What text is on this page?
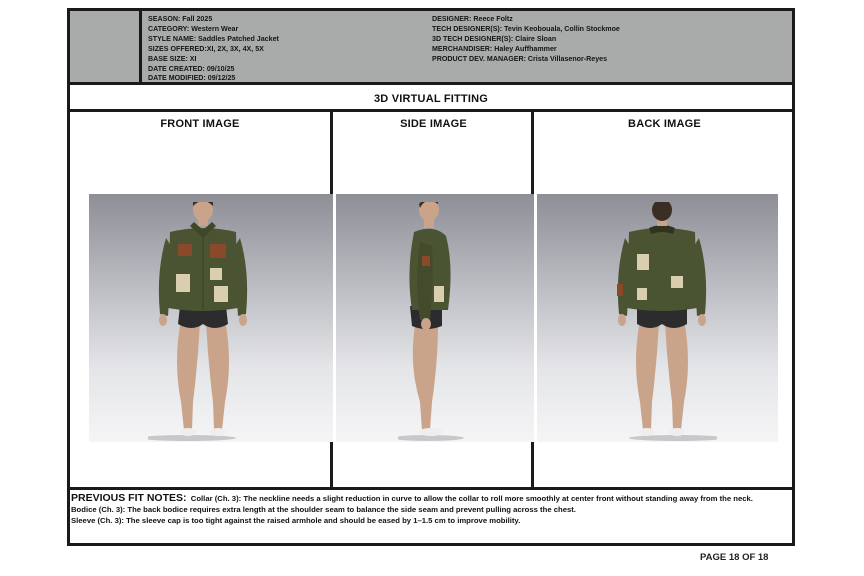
SEASON: Fall 2025
CATEGORY: Western Wear
STYLE NAME: Saddles Patched Jacket
SIZES OFFERED:XI, 2X, 3X, 4X, 5X
BASE SIZE: XI
DATE CREATED: 09/10/25
DATE MODIFIED: 09/12/25
DESIGNER: Reece Foltz
TECH DESIGNER(S): Tevin Keobouala, Collin Stockmoe
3D TECH DESIGNER(S): Claire Sloan
MERCHANDISER: Haley Auffhammer
PRODUCT DEV. MANAGER: Crista Villasenor-Reyes
3D VIRTUAL FITTING
FRONT IMAGE	SIDE IMAGE	BACK IMAGE

PREVIOUS FIT NOTES: Collar (Ch. 3): The neckline needs a slight reduction in curve to allow the collar to roll more smoothly at center front without standing away from the neck.

Bodice (Ch. 3): The back bodice requires extra length at the shoulder seam to balance the side seam and prevent pulling across the chest.

Sleeve (Ch. 3): The sleeve cap is too tight against the raised armhole and should be eased by 1–1.5 cm to improve mobility.

PAGE 18 OF 18
